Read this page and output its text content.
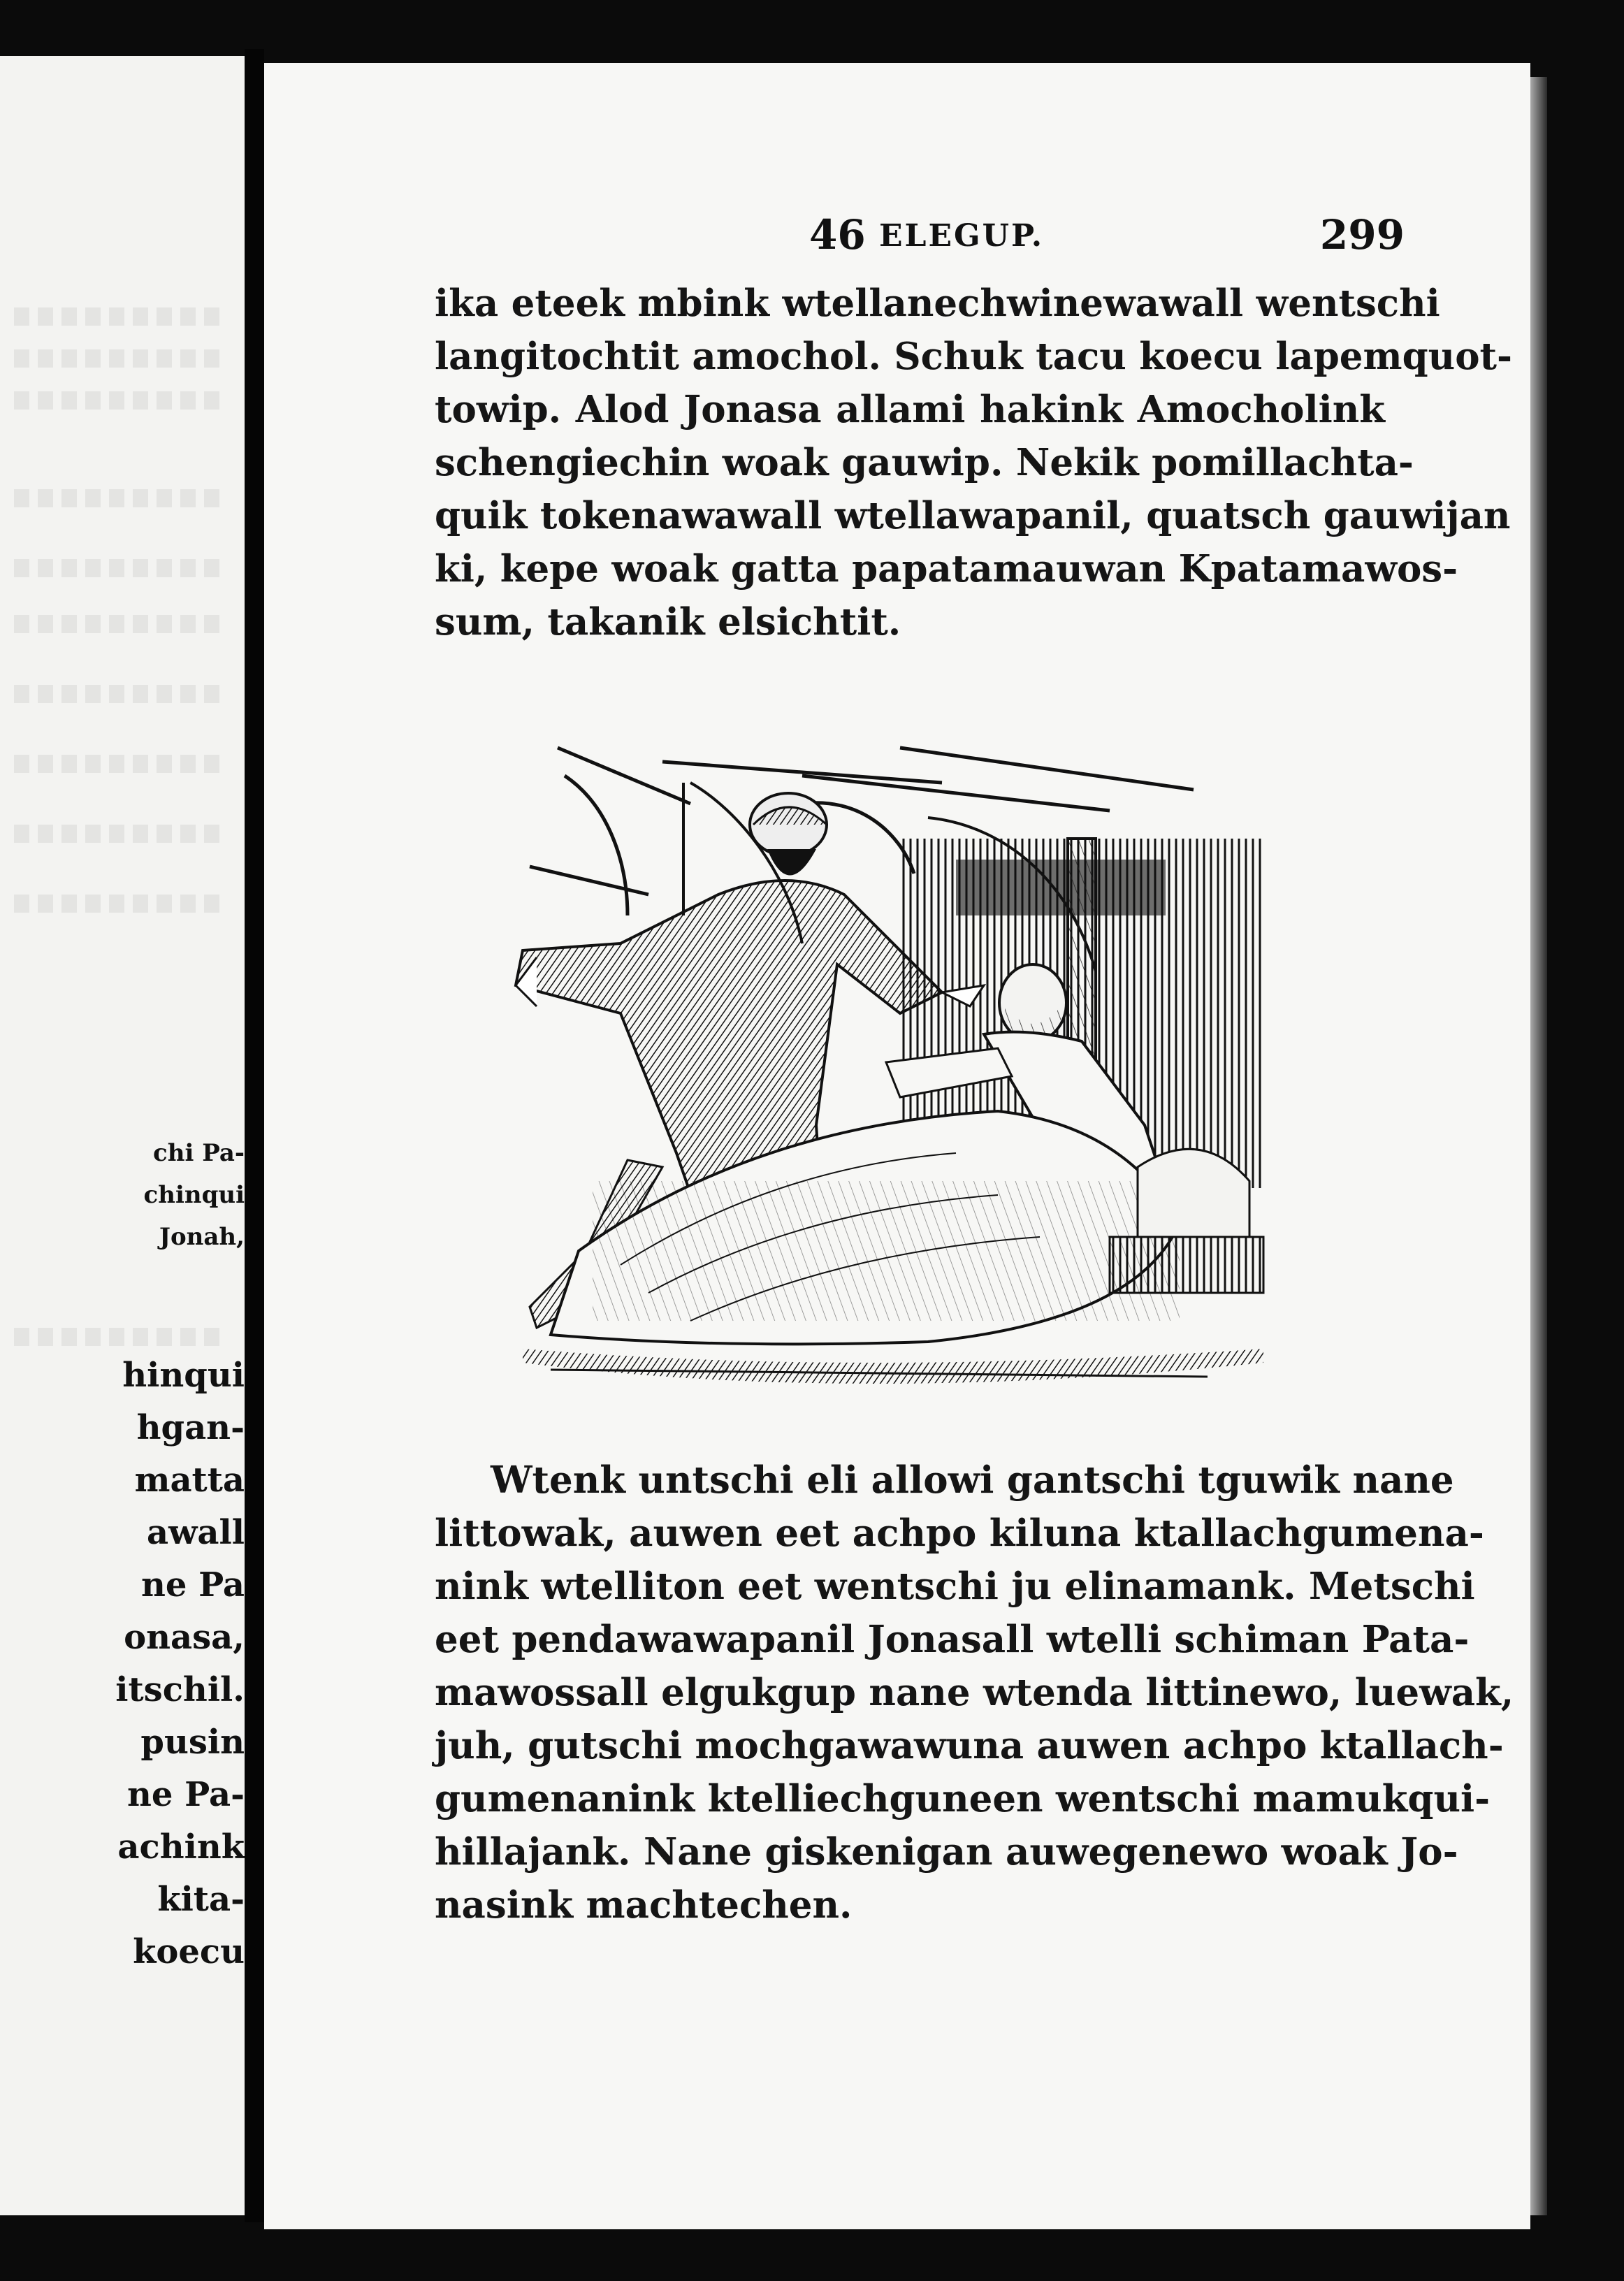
chi Pa-
chinqui
Jonah,
hinqui
hgan-
matta
awall
ne Pa
onasa,
itschil.
pusin
ne Pa-
achink
kita-
koecu
46 ELEGUP.	299
ika eteek mbink wtellanechwinewawall wentschi
langitochtit amochol. Schuk tacu koecu lapemquot-
towip. Alod Jonasa allami hakink Amocholink
schengiechin woak gauwip. Nekik pomillachta-
quik tokenawawall wtellawapanil, quatsch gauwijan
ki, kepe woak gatta papatamauwan Kpatamawos-
sum, takanik elsichtit.
Wtenk untschi eli allowi gantschi tguwik nane
littowak, auwen eet achpo kiluna ktallachgumena-
nink wtelliton eet wentschi ju elinamank. Metschi
eet pendawawapanil Jonasall wtelli schiman Pata-
mawossall elgukgup nane wtenda littinewo, luewak,
juh, gutschi mochgawawuna auwen achpo ktallach-
gumenanink ktelliechguneen wentschi mamukqui-
hillajank. Nane giskenigan auwegenewo woak Jo-
nasink machtechen.
